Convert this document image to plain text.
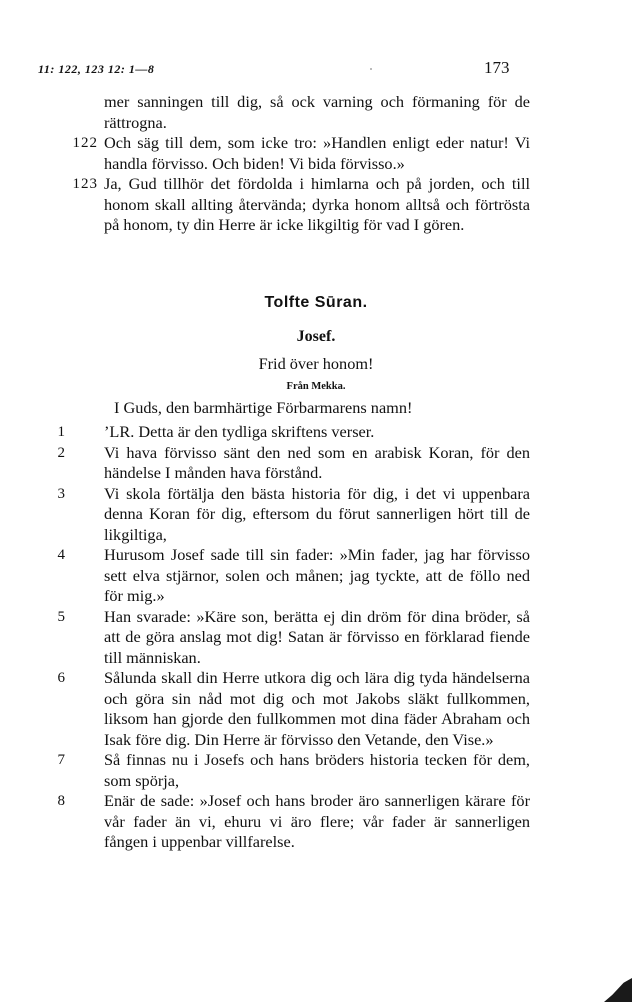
11: 122, 123 12: 1—8	173
mer sanningen till dig, så ock varning och förmaning för de rättrogna.
122 Och säg till dem, som icke tro: »Handlen enligt eder natur! Vi handla förvisso. Och biden! Vi bida förvisso.»
123 Ja, Gud tillhör det fördolda i himlarna och på jorden, och till honom skall allting återvända; dyrka honom alltså och förtrösta på honom, ty din Herre är icke likgiltig för vad I gören.
Tolfte Sūran.
Josef.
Frid över honom!
Från Mekka.
I Guds, den barmhärtige Förbarmarens namn!
1 ’LR. Detta är den tydliga skriftens verser.
2 Vi hava förvisso sänt den ned som en arabisk Koran, för den händelse I månden hava förstånd.
3 Vi skola förtälja den bästa historia för dig, i det vi uppenbara denna Koran för dig, eftersom du förut sannerligen hört till de likgiltiga,
4 Hurusom Josef sade till sin fader: »Min fader, jag har förvisso sett elva stjärnor, solen och månen; jag tyckte, att de föllo ned för mig.»
5 Han svarade: »Käre son, berätta ej din dröm för dina bröder, så att de göra anslag mot dig! Satan är förvisso en förklarad fiende till människan.
6 Sålunda skall din Herre utkora dig och lära dig tyda händelserna och göra sin nåd mot dig och mot Jakobs släkt fullkommen, liksom han gjorde den fullkommen mot dina fäder Abraham och Isak före dig. Din Herre är förvisso den Vetande, den Vise.»
7 Så finnas nu i Josefs och hans bröders historia tecken för dem, som spörja,
8 Enär de sade: »Josef och hans broder äro sannerligen kärare för vår fader än vi, ehuru vi äro flere; vår fader är sannerligen fången i uppenbar villfarelse.
